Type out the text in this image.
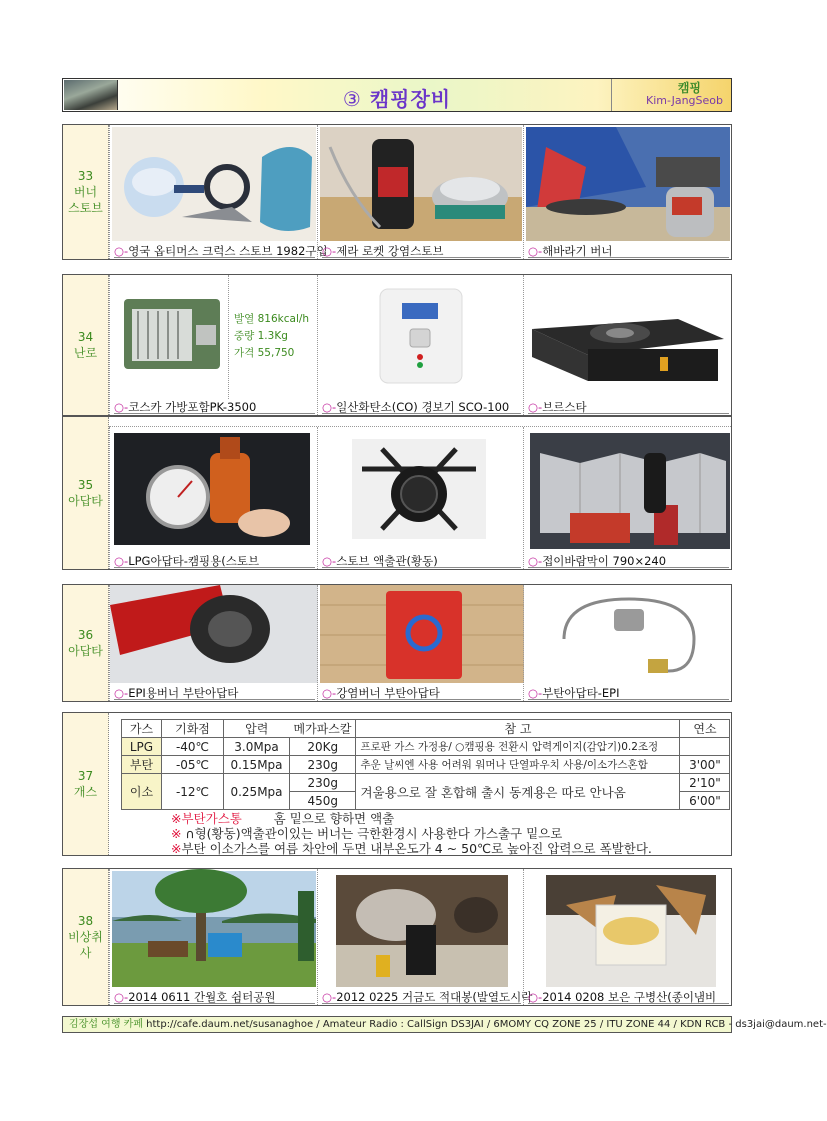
③ 캠핑장비	캠핑
Kim-JangSeob
33
버너
스토브
○- 영국 옵티머스 크럭스 스토브 1982구입 ○- 제라 로켓 강염스토브	○- 해바라기 버너
34
난로
발열 816kcal/h
중량 1.3Kg
가격 55,750
○- 코스카 가방포함PK-3500	○- 일산화탄소(CO) 경보기 SCO-100	○- 브르스타
35
아답타
○- LPG아답타-캠핑용(스토브	○- 스토브 액출관(황동)	○- 접이바람막이 790×240
36
아답타
○- EPI용버너 부탄아답타	○- 강염버너 부탄아답타	○- 부탄아답타-EPI
37
개스
가스	기화점	압력	메가파스칼	참 고	연소
LPG	-40℃	3.0Mpa	20Kg	프로판 가스 가정용/ ○캠핑용 전환시 압력게이지(감압기)0.2조정	
부탄	-05℃	0.15Mpa	230g	추운 날씨엔 사용 어려워 워머나 단열파우치 사용/이소가스혼합	3'00"
이소	-12℃	0.25Mpa	230g	겨울용으로 잘 혼합해 출시 동계용은 따로 안나옴	2'10"
			450g		6'00"
※부탄가스통        홈 밑으로 향하면 액출
※ ∩형(황동)액출관이있는 버너는 극한환경시 사용한다 가스출구 밑으로
※부탄 이소가스를 여름 차안에 두면 내부온도가 4 ~ 50℃로 높아진 압력으로 폭발한다.
38
비상취
사
○- 2014 0611 간월호 쉼터공원	○- 2012 0225 거금도 적대봉(발열도시락 ○- 2014 0208 보은 구병산(종이냄비
김장섭 여행 카페 http://cafe.daum.net/susanaghoe / Amateur Radio : CallSign DS3JAI / 6MOMY CQ ZONE 25 / ITU ZONE 44 / KDN RCB - ds3jai@daum.net-
